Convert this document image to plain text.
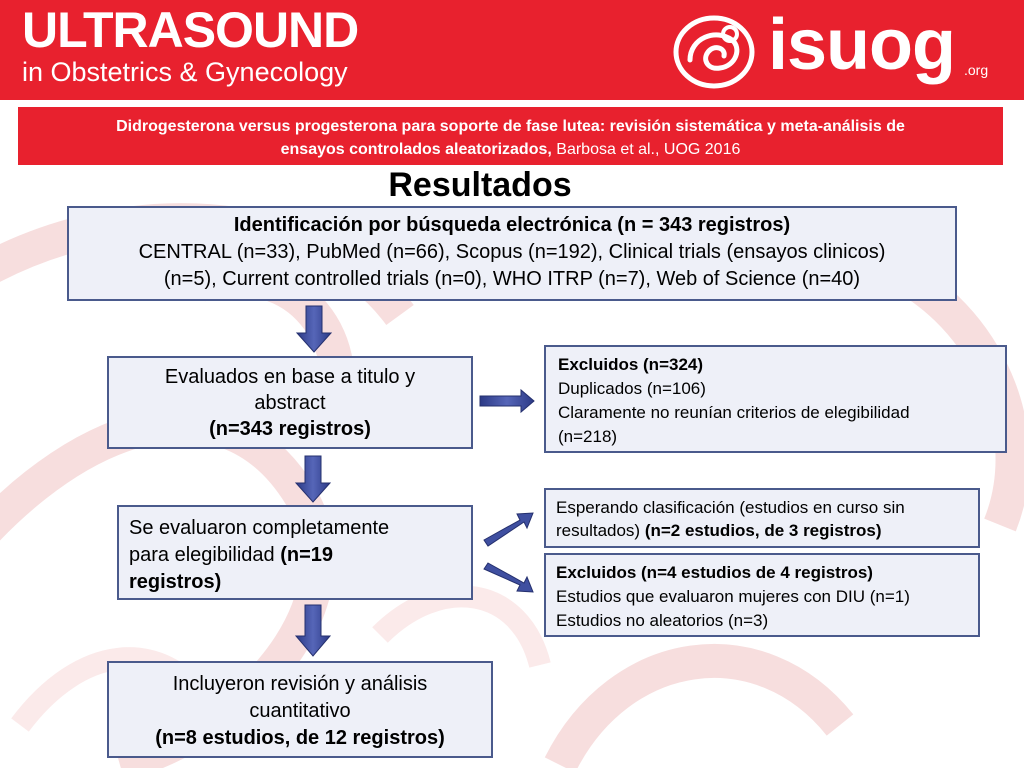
ULTRASOUND
in Obstetrics & Gynecology	isuog .org
Didrogesterona versus progesterona para soporte de fase lutea: revisión sistemática y meta-análisis de
ensayos controlados aleatorizados, Barbosa et al., UOG 2016
Resultados
Identificación por búsqueda electrónica (n = 343 registros)
CENTRAL (n=33), PubMed (n=66), Scopus (n=192), Clinical trials (ensayos clinicos)
(n=5), Current controlled trials (n=0), WHO ITRP (n=7), Web of Science (n=40)
Evaluados en base a titulo y
abstract
(n=343 registros)
Excluidos (n=324)
Duplicados (n=106)
Claramente no reunían criterios de elegibilidad
(n=218)
Se evaluaron completamente
para elegibilidad (n=19
registros)
Esperando clasificación (estudios en curso sin
resultados) (n=2 estudios, de 3 registros)
Excluidos (n=4 estudios de 4 registros)
Estudios que evaluaron mujeres con DIU (n=1)
Estudios no aleatorios (n=3)
Incluyeron revisión y análisis
cuantitativo
(n=8 estudios, de 12 registros)
